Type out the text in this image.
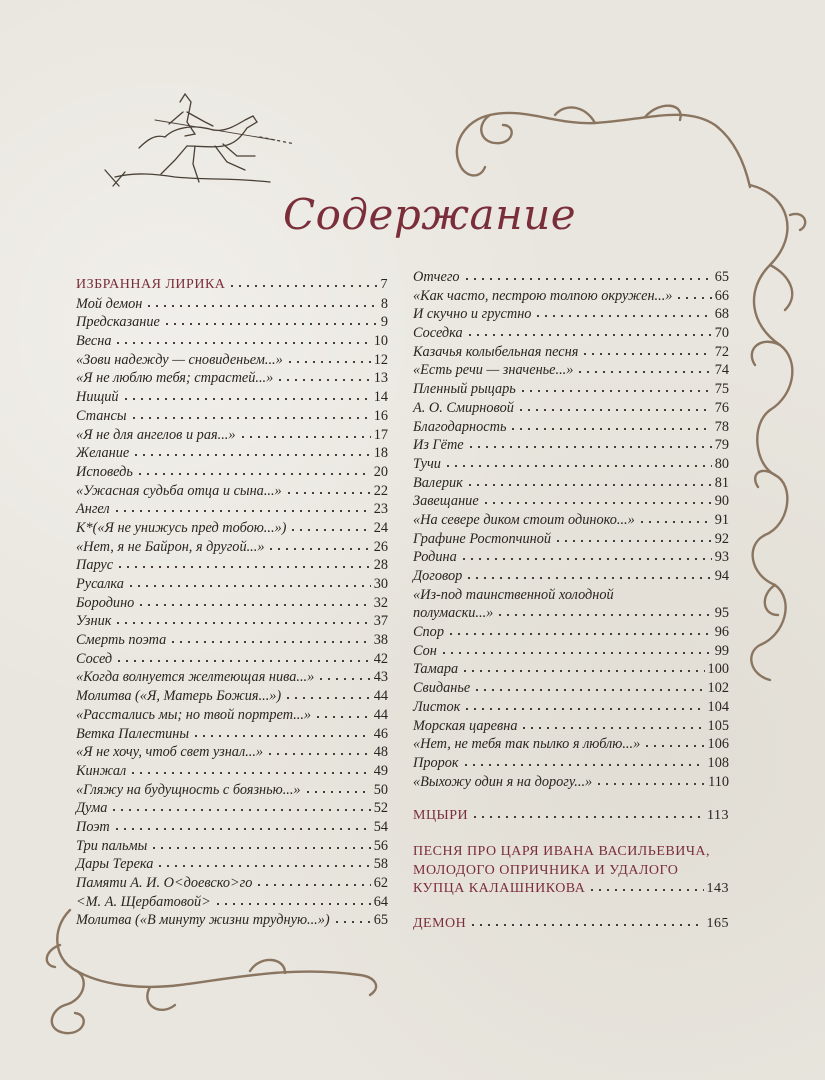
Содержание
ИЗБРАННАЯ ЛИРИКА	7
Мой демон	8
Предсказание	9
Весна	10
«Зови надежду — сновиденьем...»	12
«Я не люблю тебя; страстей...»	13
Нищий	14
Стансы	16
«Я не для ангелов и рая...»	17
Желание	18
Исповедь	20
«Ужасная судьба отца и сына...»	22
Ангел	23
К*(«Я не унижусь пред тобою...»)	24
«Нет, я не Байрон, я другой...»	26
Парус	28
Русалка	30
Бородино	32
Узник	37
Смерть поэта	38
Сосед	42
«Когда волнуется желтеющая нива...»	43
Молитва («Я, Матерь Божия...»)	44
«Расстались мы; но твой портрет...»	44
Ветка Палестины	46
«Я не хочу, чтоб свет узнал...»	48
Кинжал	49
«Гляжу на будущность с боязнью...»	50
Дума	52
Поэт	54
Три пальмы	56
Дары Терека	58
Памяти А. И. О<доевско>го	62
<М. А. Щербатовой>	64
Молитва («В минуту жизни трудную...»)	65
Отчего	65
«Как часто, пестрою толпою окружен...»	66
И скучно и грустно	68
Соседка	70
Казачья колыбельная песня	72
«Есть речи — значенье...»	74
Пленный рыцарь	75
А. О. Смирновой	76
Благодарность	78
Из Гёте	79
Тучи	80
Валерик	81
Завещание	90
«На севере диком стоит одиноко...»	91
Графине Ростопчиной	92
Родина	93
Договор	94
«Из-под таинственной холодной
полумаски...»	95
Спор	96
Сон	99
Тамара	100
Свиданье	102
Листок	104
Морская царевна	105
«Нет, не тебя так пылко я люблю...»	106
Пророк	108
«Выхожу один я на дорогу...»	110
МЦЫРИ	113
ПЕСНЯ ПРО ЦАРЯ ИВАНА ВАСИЛЬЕВИЧА,
МОЛОДОГО ОПРИЧНИКА И УДАЛОГО
КУПЦА КАЛАШНИКОВА	143
ДЕМОН	165
